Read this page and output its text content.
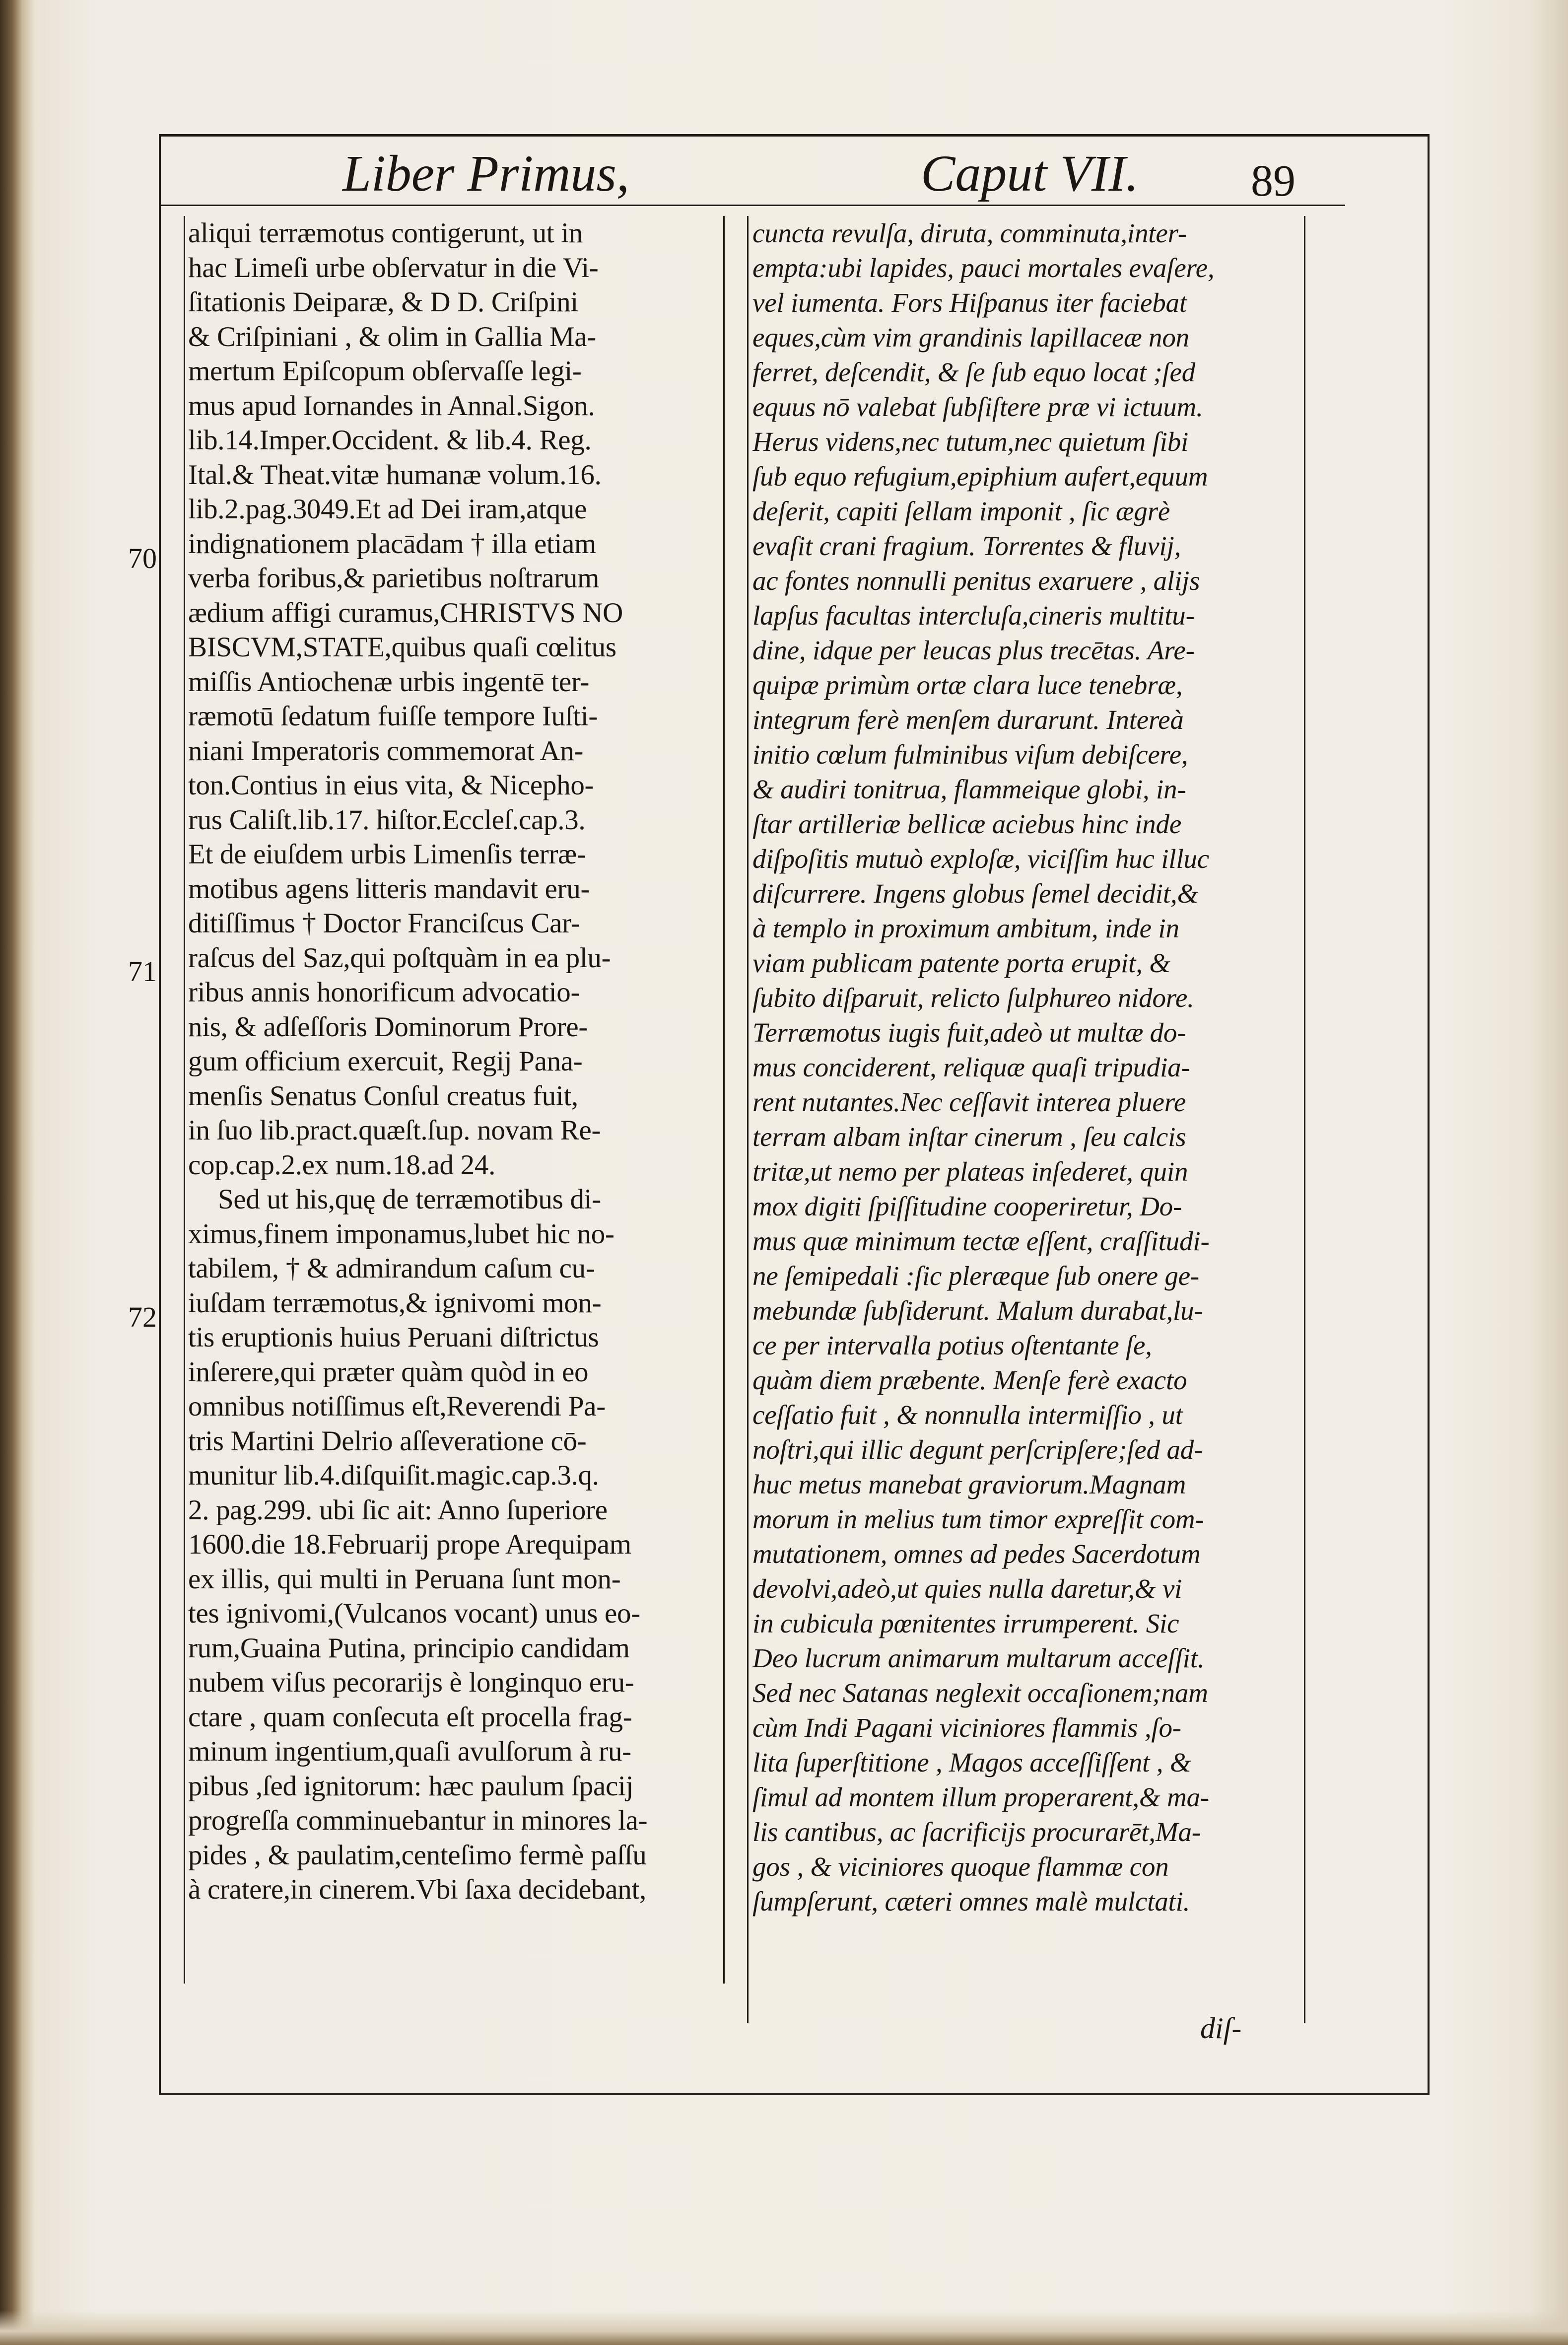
Liber Primus,	Caput VII.	89
70
71
72
aliqui terræmotus contigerunt, ut in
hac Limeſi urbe obſervatur in die Vi-
ſitationis Deiparæ, & D D. Criſpini
& Criſpiniani , & olim in Gallia Ma-
mertum Epiſcopum obſervaſſe legi-
mus apud Iornandes in Annal.Sigon.
lib.14.Imper.Occident. & lib.4. Reg.
Ital.& Theat.vitæ humanæ volum.16.
lib.2.pag.3049.Et ad Dei iram,atque
indignationem placādam † illa etiam
verba foribus,& parietibus noſtrarum
ædium affigi curamus,CHRISTVS NO
BISCVM,STATE,quibus quaſi cœlitus
miſſis Antiochenæ urbis ingentē ter-
ræmotū ſedatum fuiſſe tempore Iuſti-
niani Imperatoris commemorat An-
ton.Contius in eius vita, & Nicepho-
rus Caliſt.lib.17. hiſtor.Eccleſ.cap.3.
Et de eiuſdem urbis Limenſis terræ-
motibus agens litteris mandavit eru-
ditiſſimus † Doctor Franciſcus Car-
raſcus del Saz,qui poſtquàm in ea plu-
ribus annis honorificum advocatio-
nis, & adſeſſoris Dominorum Prore-
gum officium exercuit, Regij Pana-
menſis Senatus Conſul creatus fuit,
in ſuo lib.pract.quæſt.ſup. novam Re-
cop.cap.2.ex num.18.ad 24.
Sed ut his,quę de terræmotibus di-
ximus,finem imponamus,lubet hic no-
tabilem, † & admirandum caſum cu-
iuſdam terræmotus,& ignivomi mon-
tis eruptionis huius Peruani diſtrictus
inſerere,qui præter quàm quòd in eo
omnibus notiſſimus eſt,Reverendi Pa-
tris Martini Delrio aſſeveratione cō-
munitur lib.4.diſquiſit.magic.cap.3.q.
2. pag.299. ubi ſic ait: Anno ſuperiore
1600.die 18.Februarij prope Arequipam
ex illis, qui multi in Peruana ſunt mon-
tes ignivomi,(Vulcanos vocant) unus eo-
rum,Guaina Putina, principio candidam
nubem viſus pecorarijs è longinquo eru-
ctare , quam conſecuta eſt procella frag-
minum ingentium,quaſi avulſorum à ru-
pibus ,ſed ignitorum: hæc paulum ſpacij
progreſſa comminuebantur in minores la-
pides , & paulatim,centeſimo fermè paſſu
à cratere,in cinerem.Vbi ſaxa decidebant,
cuncta revulſa, diruta, comminuta,inter-
empta:ubi lapides, pauci mortales evaſere,
vel iumenta. Fors Hiſpanus iter faciebat
eques,cùm vim grandinis lapillaceæ non
ferret, deſcendit, & ſe ſub equo locat ;ſed
equus nō valebat ſubſiſtere præ vi ictuum.
Herus videns,nec tutum,nec quietum ſibi
ſub equo refugium,epiphium aufert,equum
deſerit, capiti ſellam imponit , ſic ægrè
evaſit crani fragium. Torrentes & fluvij,
ac fontes nonnulli penitus exaruere , alijs
lapſus facultas intercluſa,cineris multitu-
dine, idque per leucas plus trecētas. Are-
quipæ primùm ortæ clara luce tenebræ,
integrum ferè menſem durarunt. Intereà
initio cœlum fulminibus viſum debiſcere,
& audiri tonitrua, flammeique globi, in-
ſtar artilleriæ bellicæ aciebus hinc inde
diſpoſitis mutuò exploſæ, viciſſim huc illuc
diſcurrere. Ingens globus ſemel decidit,&
à templo in proximum ambitum, inde in
viam publicam patente porta erupit, &
ſubito diſparuit, relicto ſulphureo nidore.
Terræmotus iugis fuit,adeò ut multæ do-
mus conciderent, reliquæ quaſi tripudia-
rent nutantes.Nec ceſſavit interea pluere
terram albam inſtar cinerum , ſeu calcis
tritæ,ut nemo per plateas inſederet, quin
mox digiti ſpiſſitudine cooperiretur, Do-
mus quæ minimum tectæ eſſent, craſſitudi-
ne ſemipedali :ſic pleræque ſub onere ge-
mebundæ ſubſiderunt. Malum durabat,lu-
ce per intervalla potius oſtentante ſe,
quàm diem præbente. Menſe ferè exacto
ceſſatio fuit , & nonnulla intermiſſio , ut
noſtri,qui illic degunt perſcripſere;ſed ad-
huc metus manebat graviorum.Magnam
morum in melius tum timor expreſſit com-
mutationem, omnes ad pedes Sacerdotum
devolvi,adeò,ut quies nulla daretur,& vi
in cubicula pœnitentes irrumperent. Sic
Deo lucrum animarum multarum acceſſit.
Sed nec Satanas neglexit occaſionem;nam
cùm Indi Pagani viciniores flammis ,ſo-
lita ſuperſtitione , Magos acceſſiſſent , &
ſimul ad montem illum properarent,& ma-
lis cantibus, ac ſacrificijs procurarēt,Ma-
gos , & viciniores quoque flammæ con
ſumpſerunt, cæteri omnes malè mulctati.
diſ-
